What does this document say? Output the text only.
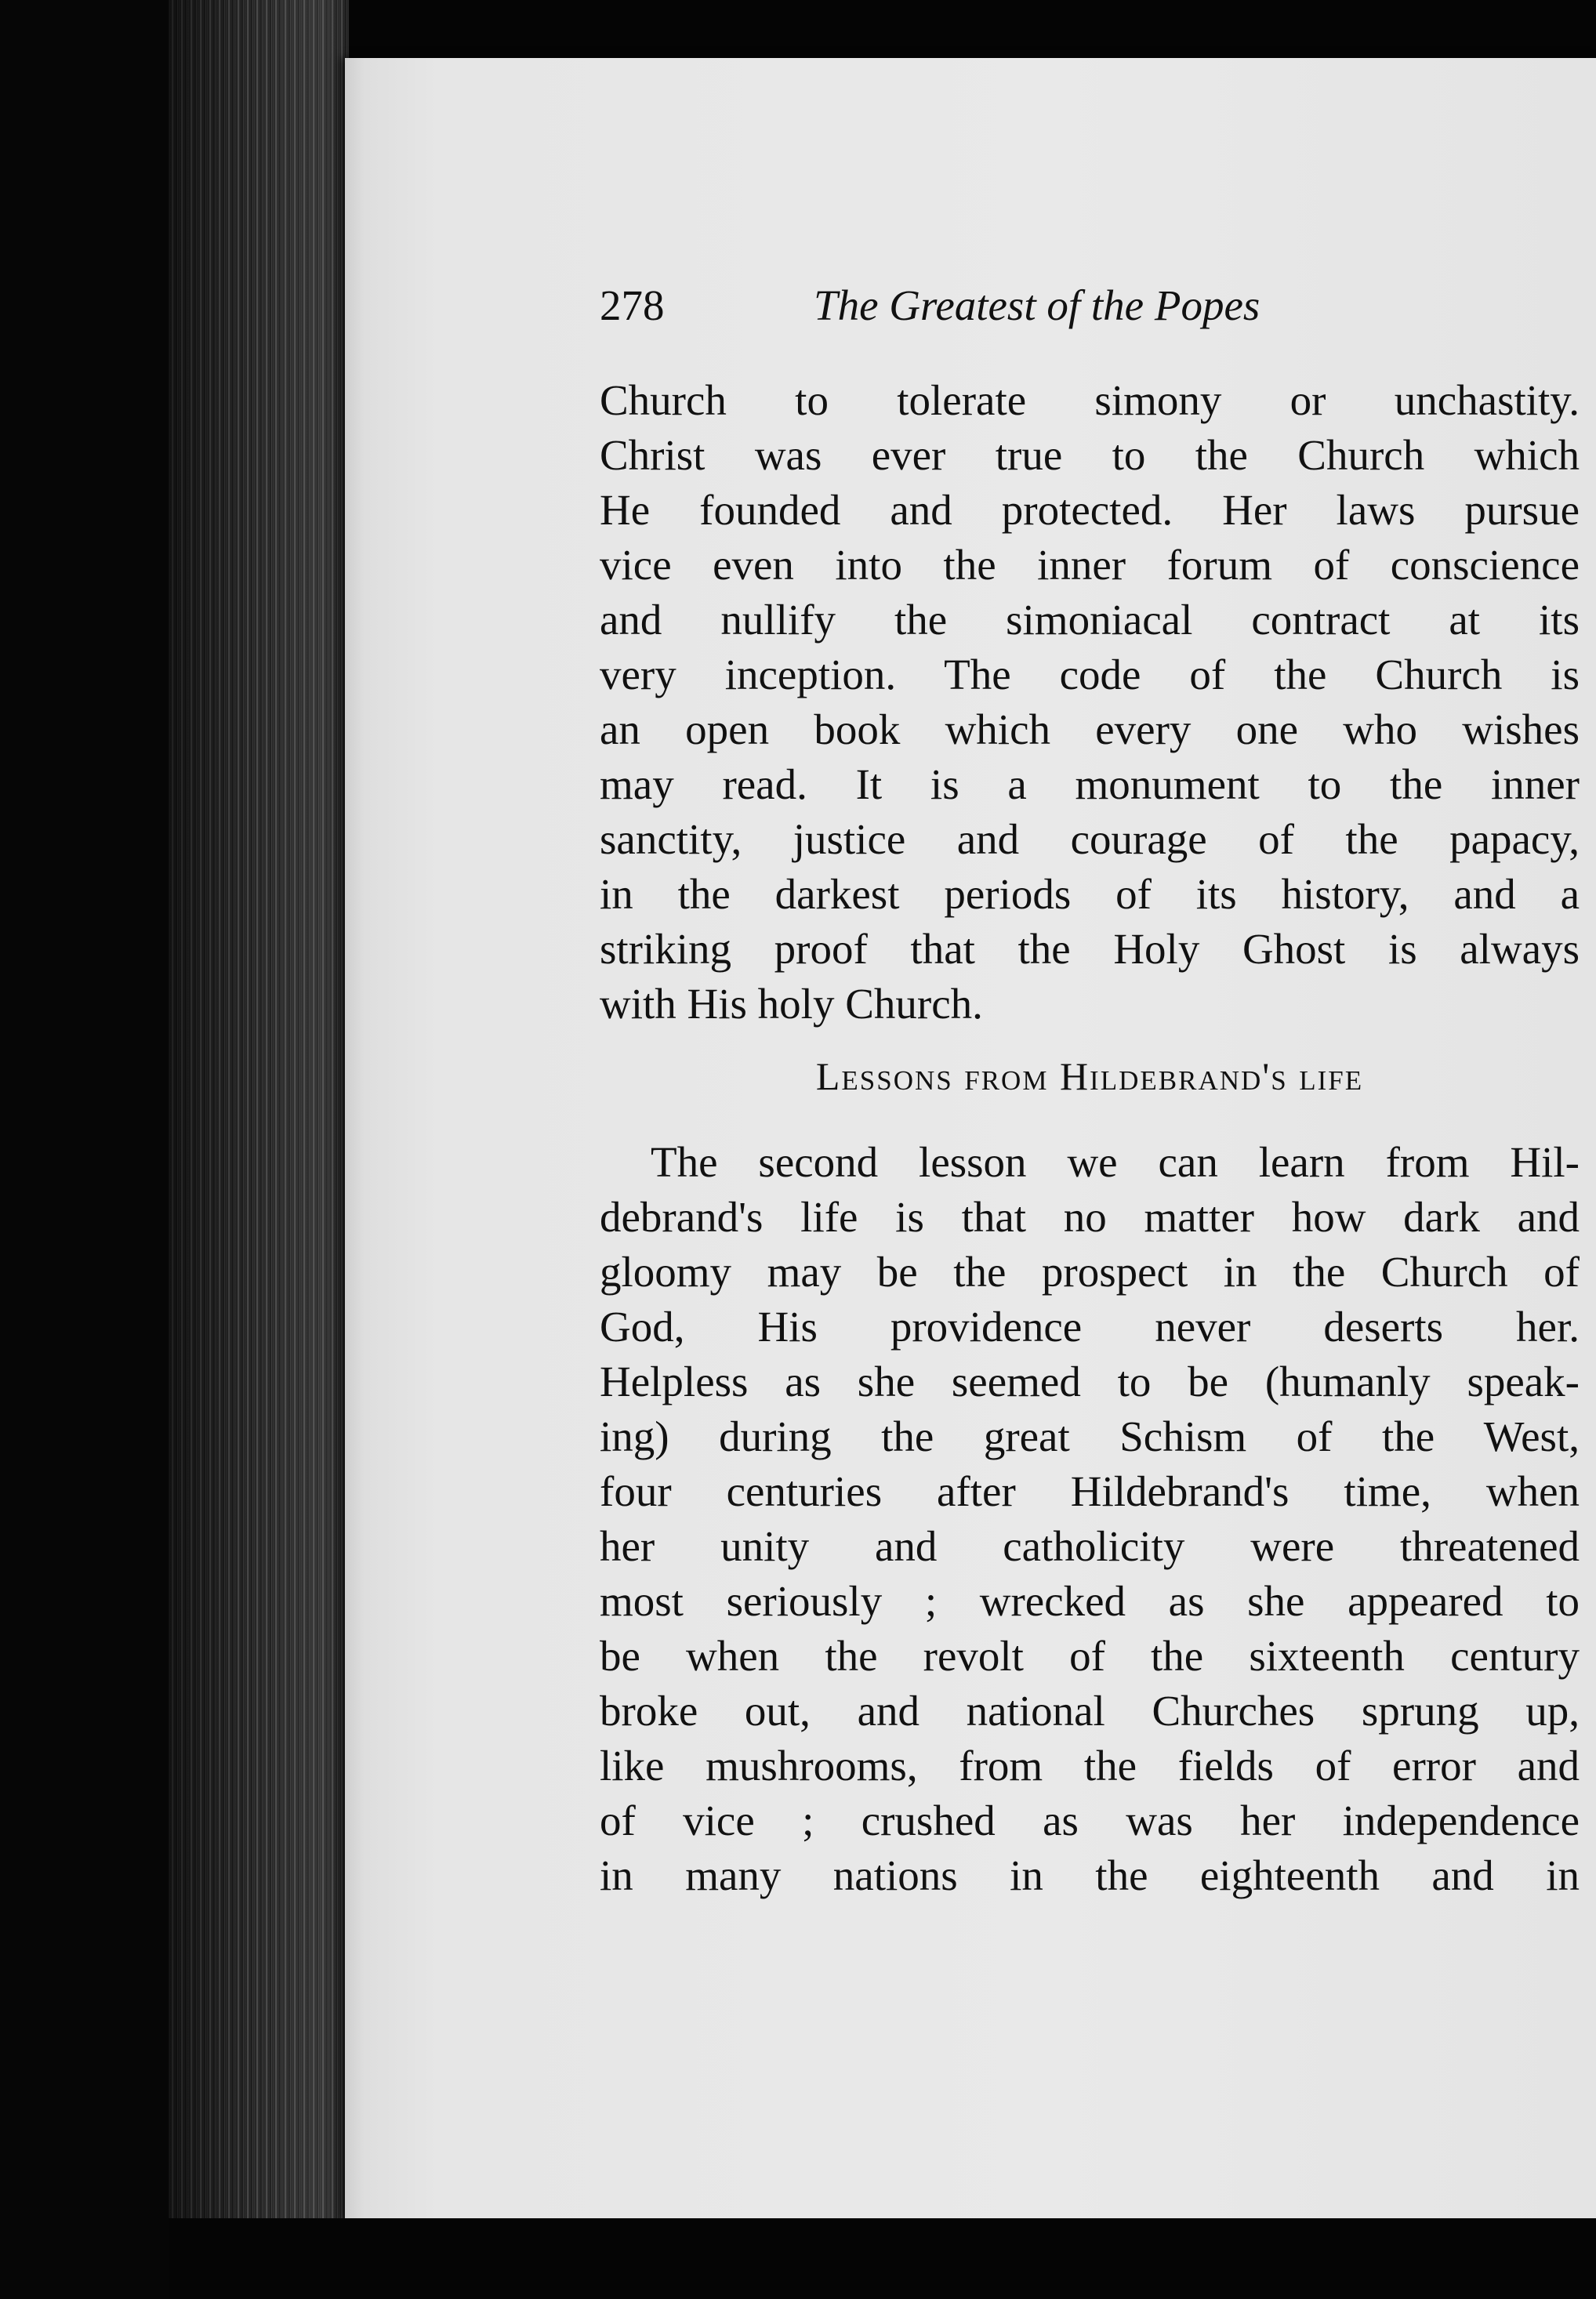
278	The Greatest of the Popes
Church to tolerate simony or unchastity.
Christ was ever true to the Church which
He founded and protected. Her laws pursue
vice even into the inner forum of conscience
and nullify the simoniacal contract at its
very inception. The code of the Church is
an open book which every one who wishes
may read. It is a monument to the inner
sanctity, justice and courage of the papacy,
in the darkest periods of its history, and a
striking proof that the Holy Ghost is always
with His holy Church.
Lessons from Hildebrand's life
The second lesson we can learn from Hil-
debrand's life is that no matter how dark and
gloomy may be the prospect in the Church of
God, His providence never deserts her.
Helpless as she seemed to be (humanly speak-
ing) during the great Schism of the West,
four centuries after Hildebrand's time, when
her unity and catholicity were threatened
most seriously ; wrecked as she appeared to
be when the revolt of the sixteenth century
broke out, and national Churches sprung up,
like mushrooms, from the fields of error and
of vice ; crushed as was her independence
in many nations in the eighteenth and in
